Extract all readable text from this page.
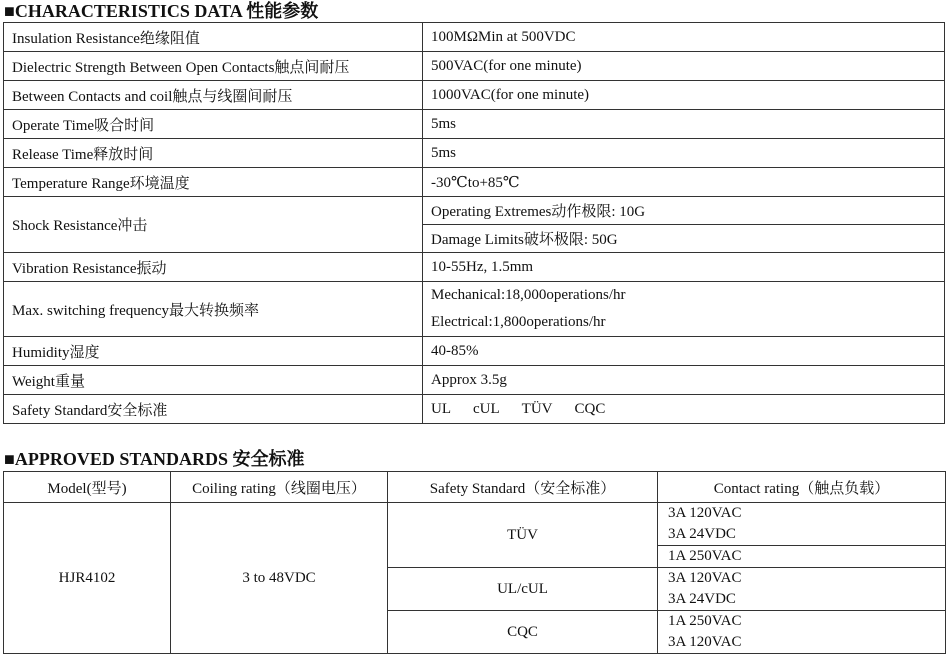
■CHARACTERISTICS DATA 性能参数
Insulation Resistance绝缘阻值	100MΩMin at 500VDC
Dielectric Strength Between Open Contacts触点间耐压	500VAC(for one minute)
Between Contacts and coil触点与线圈间耐压	1000VAC(for one minute)
Operate Time吸合时间	5ms
Release Time释放时间	5ms
Temperature Range环境温度	-30℃to+85℃
Shock Resistance冲击	Operating Extremes动作极限: 10G
	Damage Limits破坏极限: 50G
Vibration Resistance振动	10-55Hz, 1.5mm
Max. switching frequency最大转换频率	Mechanical:18,000operations/hr
	Electrical:1,800operations/hr
Humidity湿度	40-85%
Weight重量	Approx 3.5g
Safety Standard安全标准	UL cUL TÜV CQC
■APPROVED STANDARDS 安全标准
Model(型号)	Coiling rating（线圈电压）	Safety Standard（安全标准）	Contact rating（触点负载）
HJR4102	3 to 48VDC	TÜV	3A 120VAC
			3A 24VDC
			1A 250VAC
		UL/cUL	3A 120VAC
			3A 24VDC
		CQC	1A 250VAC
			3A 120VAC
